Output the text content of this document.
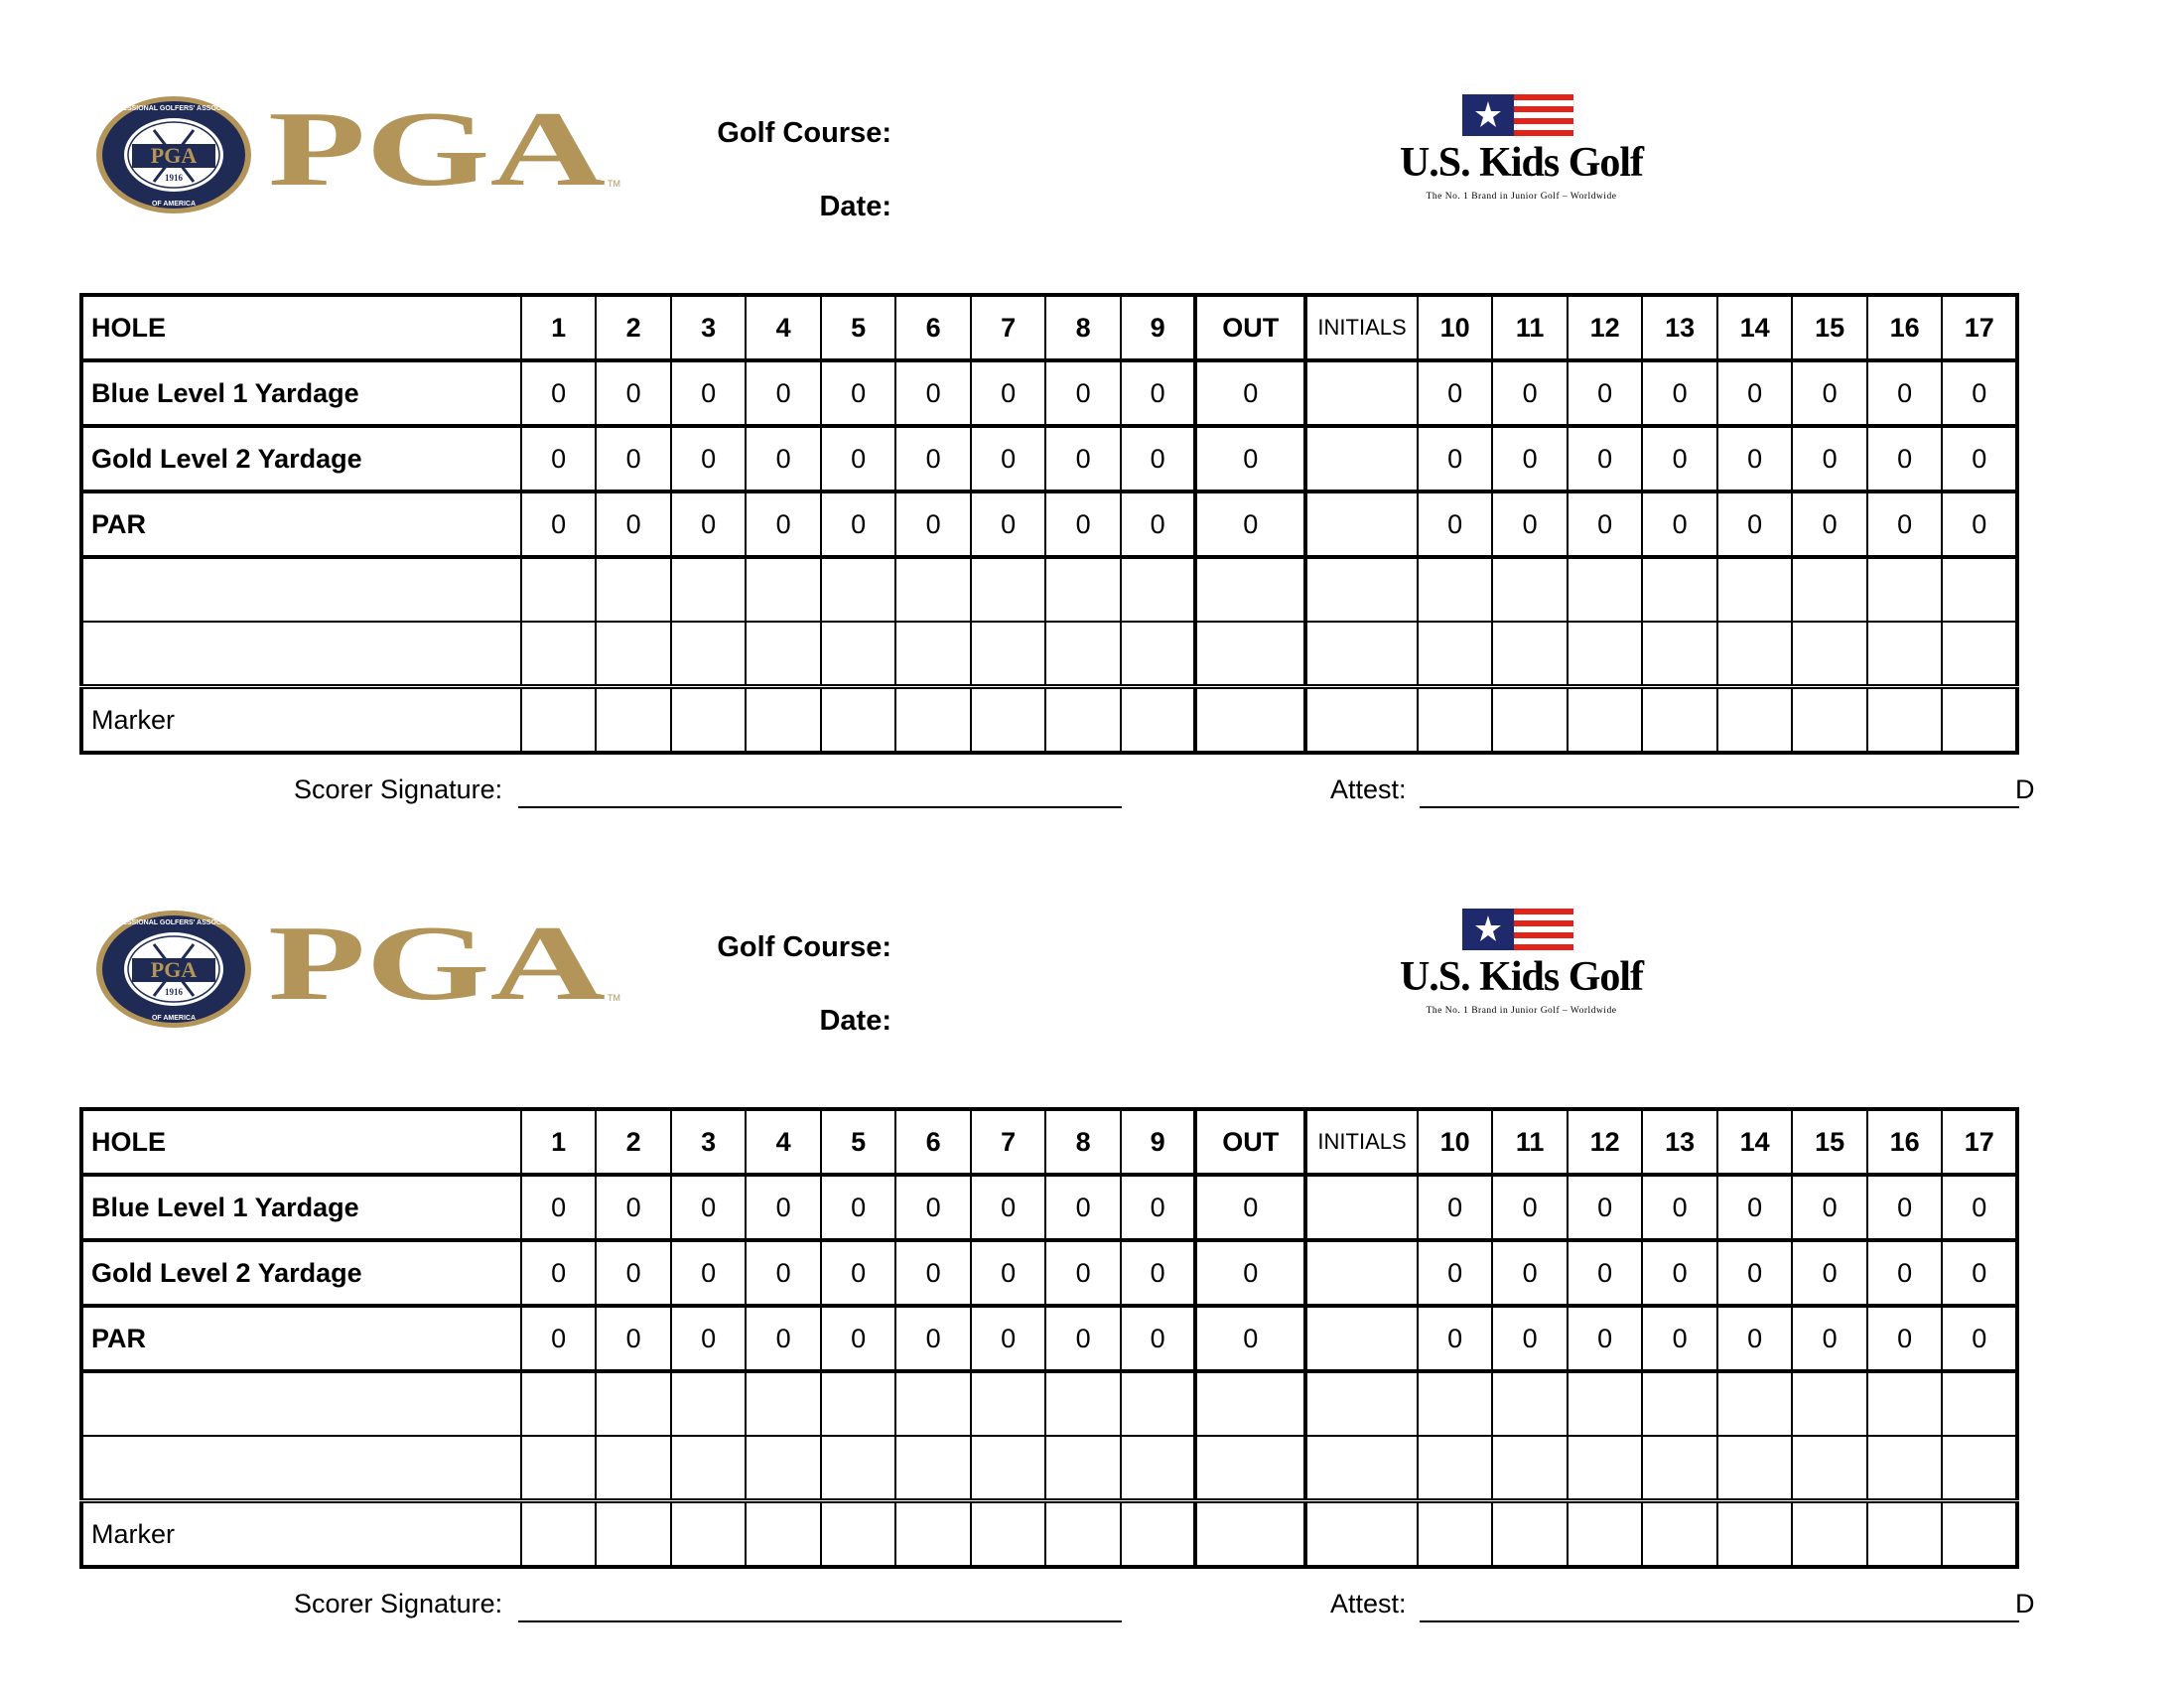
PGA
1916
PROFESSIONAL GOLFERS' ASSOCIATION
OF AMERICA PGA TM
Golf Course:
Date:
U.S. Kids Golf
The No. 1 Brand in Junior Golf – Worldwide
HOLE	1	2	3	4	5	6	7	8	9	OUT	INITIALS	10	11	12	13	14	15	16	17
Blue Level 1 Yardage	0	0	0	0	0	0	0	0	0	0		0	0	0	0	0	0	0	0
Gold Level 2 Yardage	0	0	0	0	0	0	0	0	0	0		0	0	0	0	0	0	0	0
PAR	0	0	0	0	0	0	0	0	0	0		0	0	0	0	0	0	0	0

Marker																			
Scorer Signature:	Attest:	D
PGA
1916
PROFESSIONAL GOLFERS' ASSOCIATION
OF AMERICA PGA TM
Golf Course:
Date:
U.S. Kids Golf
The No. 1 Brand in Junior Golf – Worldwide
HOLE	1	2	3	4	5	6	7	8	9	OUT	INITIALS	10	11	12	13	14	15	16	17
Blue Level 1 Yardage	0	0	0	0	0	0	0	0	0	0		0	0	0	0	0	0	0	0
Gold Level 2 Yardage	0	0	0	0	0	0	0	0	0	0		0	0	0	0	0	0	0	0
PAR	0	0	0	0	0	0	0	0	0	0		0	0	0	0	0	0	0	0

Marker																			
Scorer Signature:	Attest:	D
